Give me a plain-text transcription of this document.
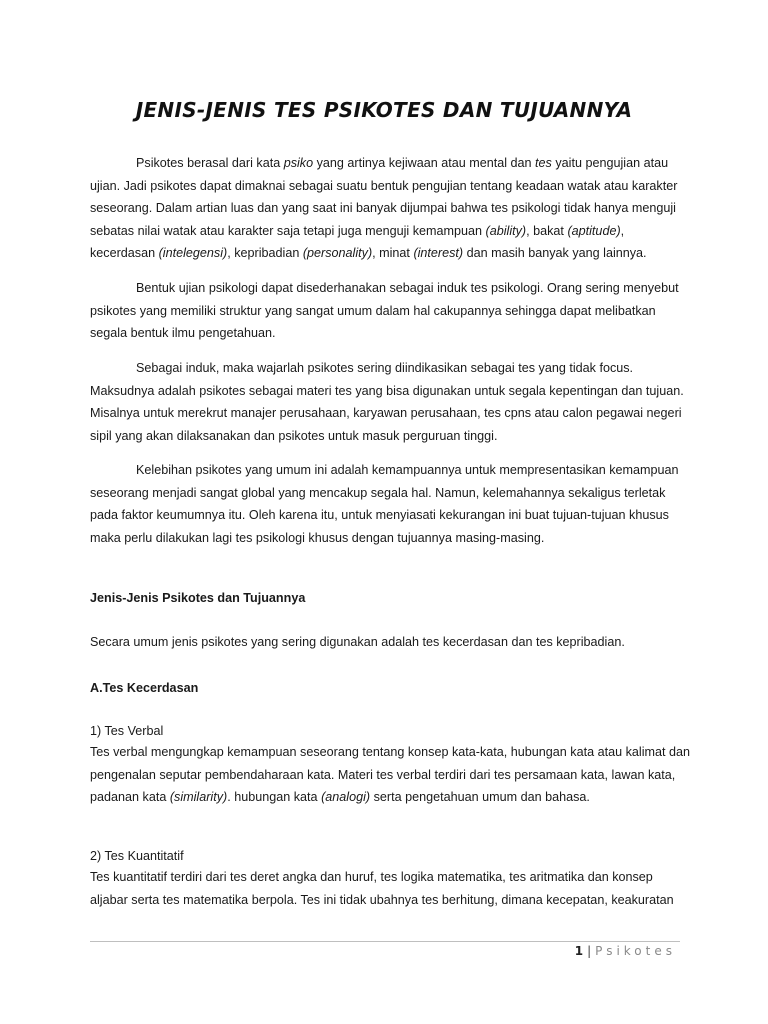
JENIS-JENIS TES PSIKOTES DAN TUJUANNYA

Psikotes berasal dari kata psiko yang artinya kejiwaan atau mental dan tes yaitu pengujian atau ujian. Jadi psikotes dapat dimaknai sebagai suatu bentuk pengujian tentang keadaan watak atau karakter seseorang. Dalam artian luas dan yang saat ini banyak dijumpai bahwa tes psikologi tidak hanya menguji sebatas nilai watak atau karakter saja tetapi juga menguji kemampuan (ability), bakat (aptitude), kecerdasan (intelegensi), kepribadian (personality), minat (interest) dan masih banyak yang lainnya.

Bentuk ujian psikologi dapat disederhanakan sebagai induk tes psikologi. Orang sering menyebut psikotes yang memiliki struktur yang sangat umum dalam hal cakupannya sehingga dapat melibatkan segala bentuk ilmu pengetahuan.

Sebagai induk, maka wajarlah psikotes sering diindikasikan sebagai tes yang tidak focus. Maksudnya adalah psikotes sebagai materi tes yang bisa digunakan untuk segala kepentingan dan tujuan. Misalnya untuk merekrut manajer perusahaan, karyawan perusahaan, tes cpns atau calon pegawai negeri sipil yang akan dilaksanakan dan psikotes untuk masuk perguruan tinggi.

Kelebihan psikotes yang umum ini adalah kemampuannya untuk mempresentasikan kemampuan seseorang menjadi sangat global yang mencakup segala hal. Namun, kelemahannya sekaligus terletak pada faktor keumumnya itu. Oleh karena itu, untuk menyiasati kekurangan ini buat tujuan-tujuan khusus maka perlu dilakukan lagi tes psikologi khusus dengan tujuannya masing-masing.

Jenis-Jenis Psikotes dan Tujuannya

Secara umum jenis psikotes yang sering digunakan adalah tes kecerdasan dan tes kepribadian.

A.Tes Kecerdasan

1) Tes Verbal

Tes verbal mengungkap kemampuan seseorang tentang konsep kata-kata, hubungan kata atau kalimat dan pengenalan seputar pembendaharaan kata. Materi tes verbal terdiri dari tes persamaan kata, lawan kata, padanan kata (similarity). hubungan kata (analogi) serta pengetahuan umum dan bahasa.

2) Tes Kuantitatif

Tes kuantitatif terdiri dari tes deret angka dan huruf, tes logika matematika, tes aritmatika dan konsep aljabar serta tes matematika berpola. Tes ini tidak ubahnya tes berhitung, dimana kecepatan, keakuratan

1 | Psikotes
